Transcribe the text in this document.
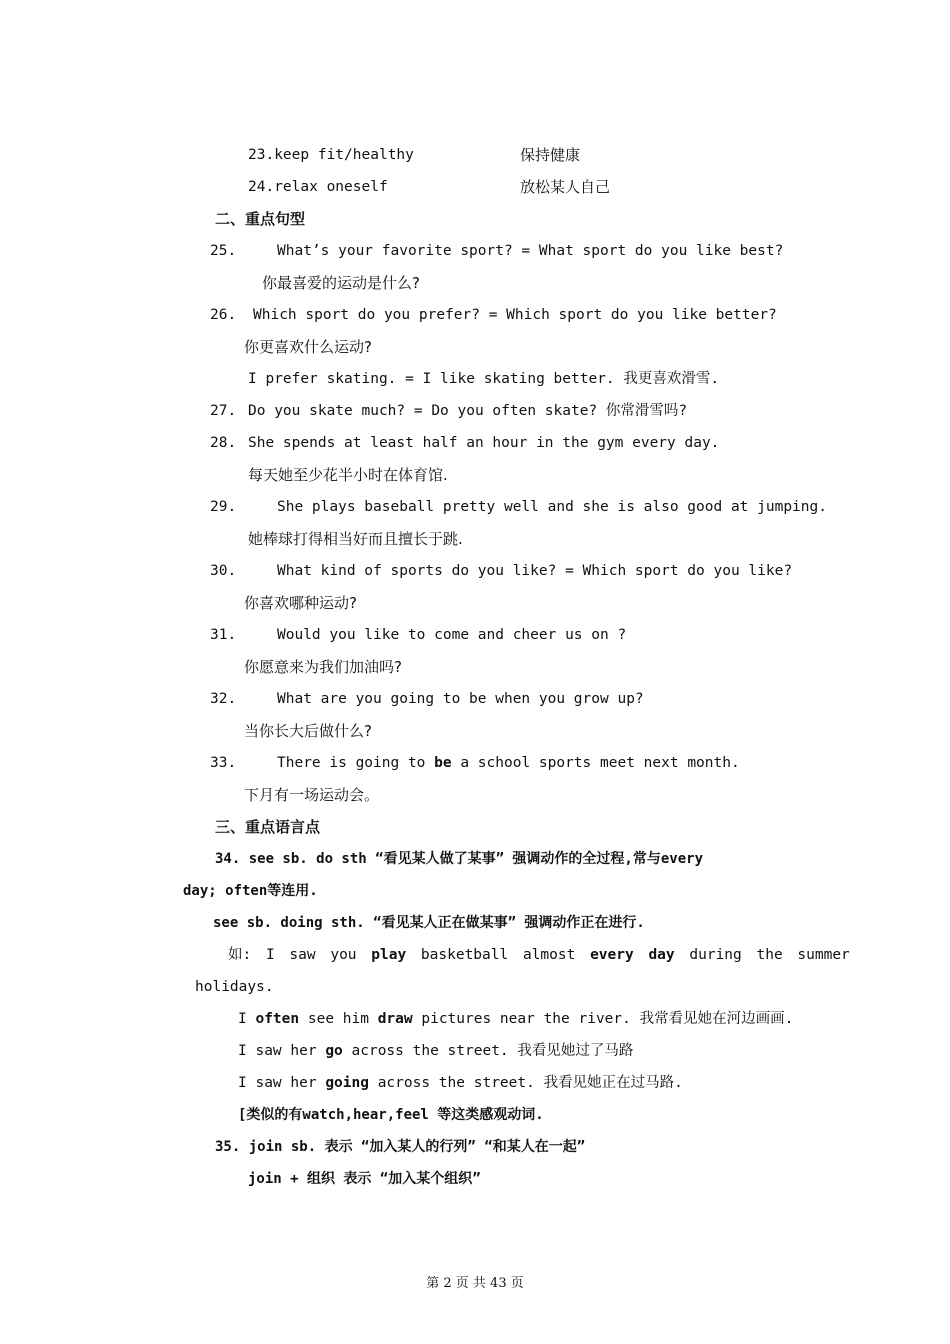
23.keep fit/healthy	保持健康
24.relax oneself	放松某人自己
二、重点句型
25.	What’s your favorite sport? = What sport do you like best?
你最喜爱的运动是什么?
26. Which sport do you prefer? = Which sport do you like better?
你更喜欢什么运动?
I prefer skating. = I like skating better. 我更喜欢滑雪.
27. Do you skate much? = Do you often skate? 你常滑雪吗?
28. She spends at least half an hour in the gym every day.
每天她至少花半小时在体育馆.
29.	She plays baseball pretty well and she is also good at jumping.
她棒球打得相当好而且擅长于跳.
30.	What kind of sports do you like? = Which sport do you like?
你喜欢哪种运动?
31.	Would you like to come and cheer us on ?
你愿意来为我们加油吗?
32.	What are you going to be when you grow up?
当你长大后做什么?
33.	There is going to be a school sports meet next month.
下月有一场运动会。
三、重点语言点
34. see sb. do sth “看见某人做了某事” 强调动作的全过程,常与every
day; often等连用.
see sb. doing sth. “看见某人正在做某事” 强调动作正在进行.
如: I saw you play basketball almost every day during the summer
holidays.
I often see him draw pictures near the river. 我常看见她在河边画画.
I saw her go across the street. 我看见她过了马路
I saw her going across the street. 我看见她正在过马路.
[类似的有watch,hear,feel 等这类感观动词.
35. join sb. 表示 “加入某人的行列” “和某人在一起”
join + 组织 表示 “加入某个组织”
第 2 页 共 43 页
